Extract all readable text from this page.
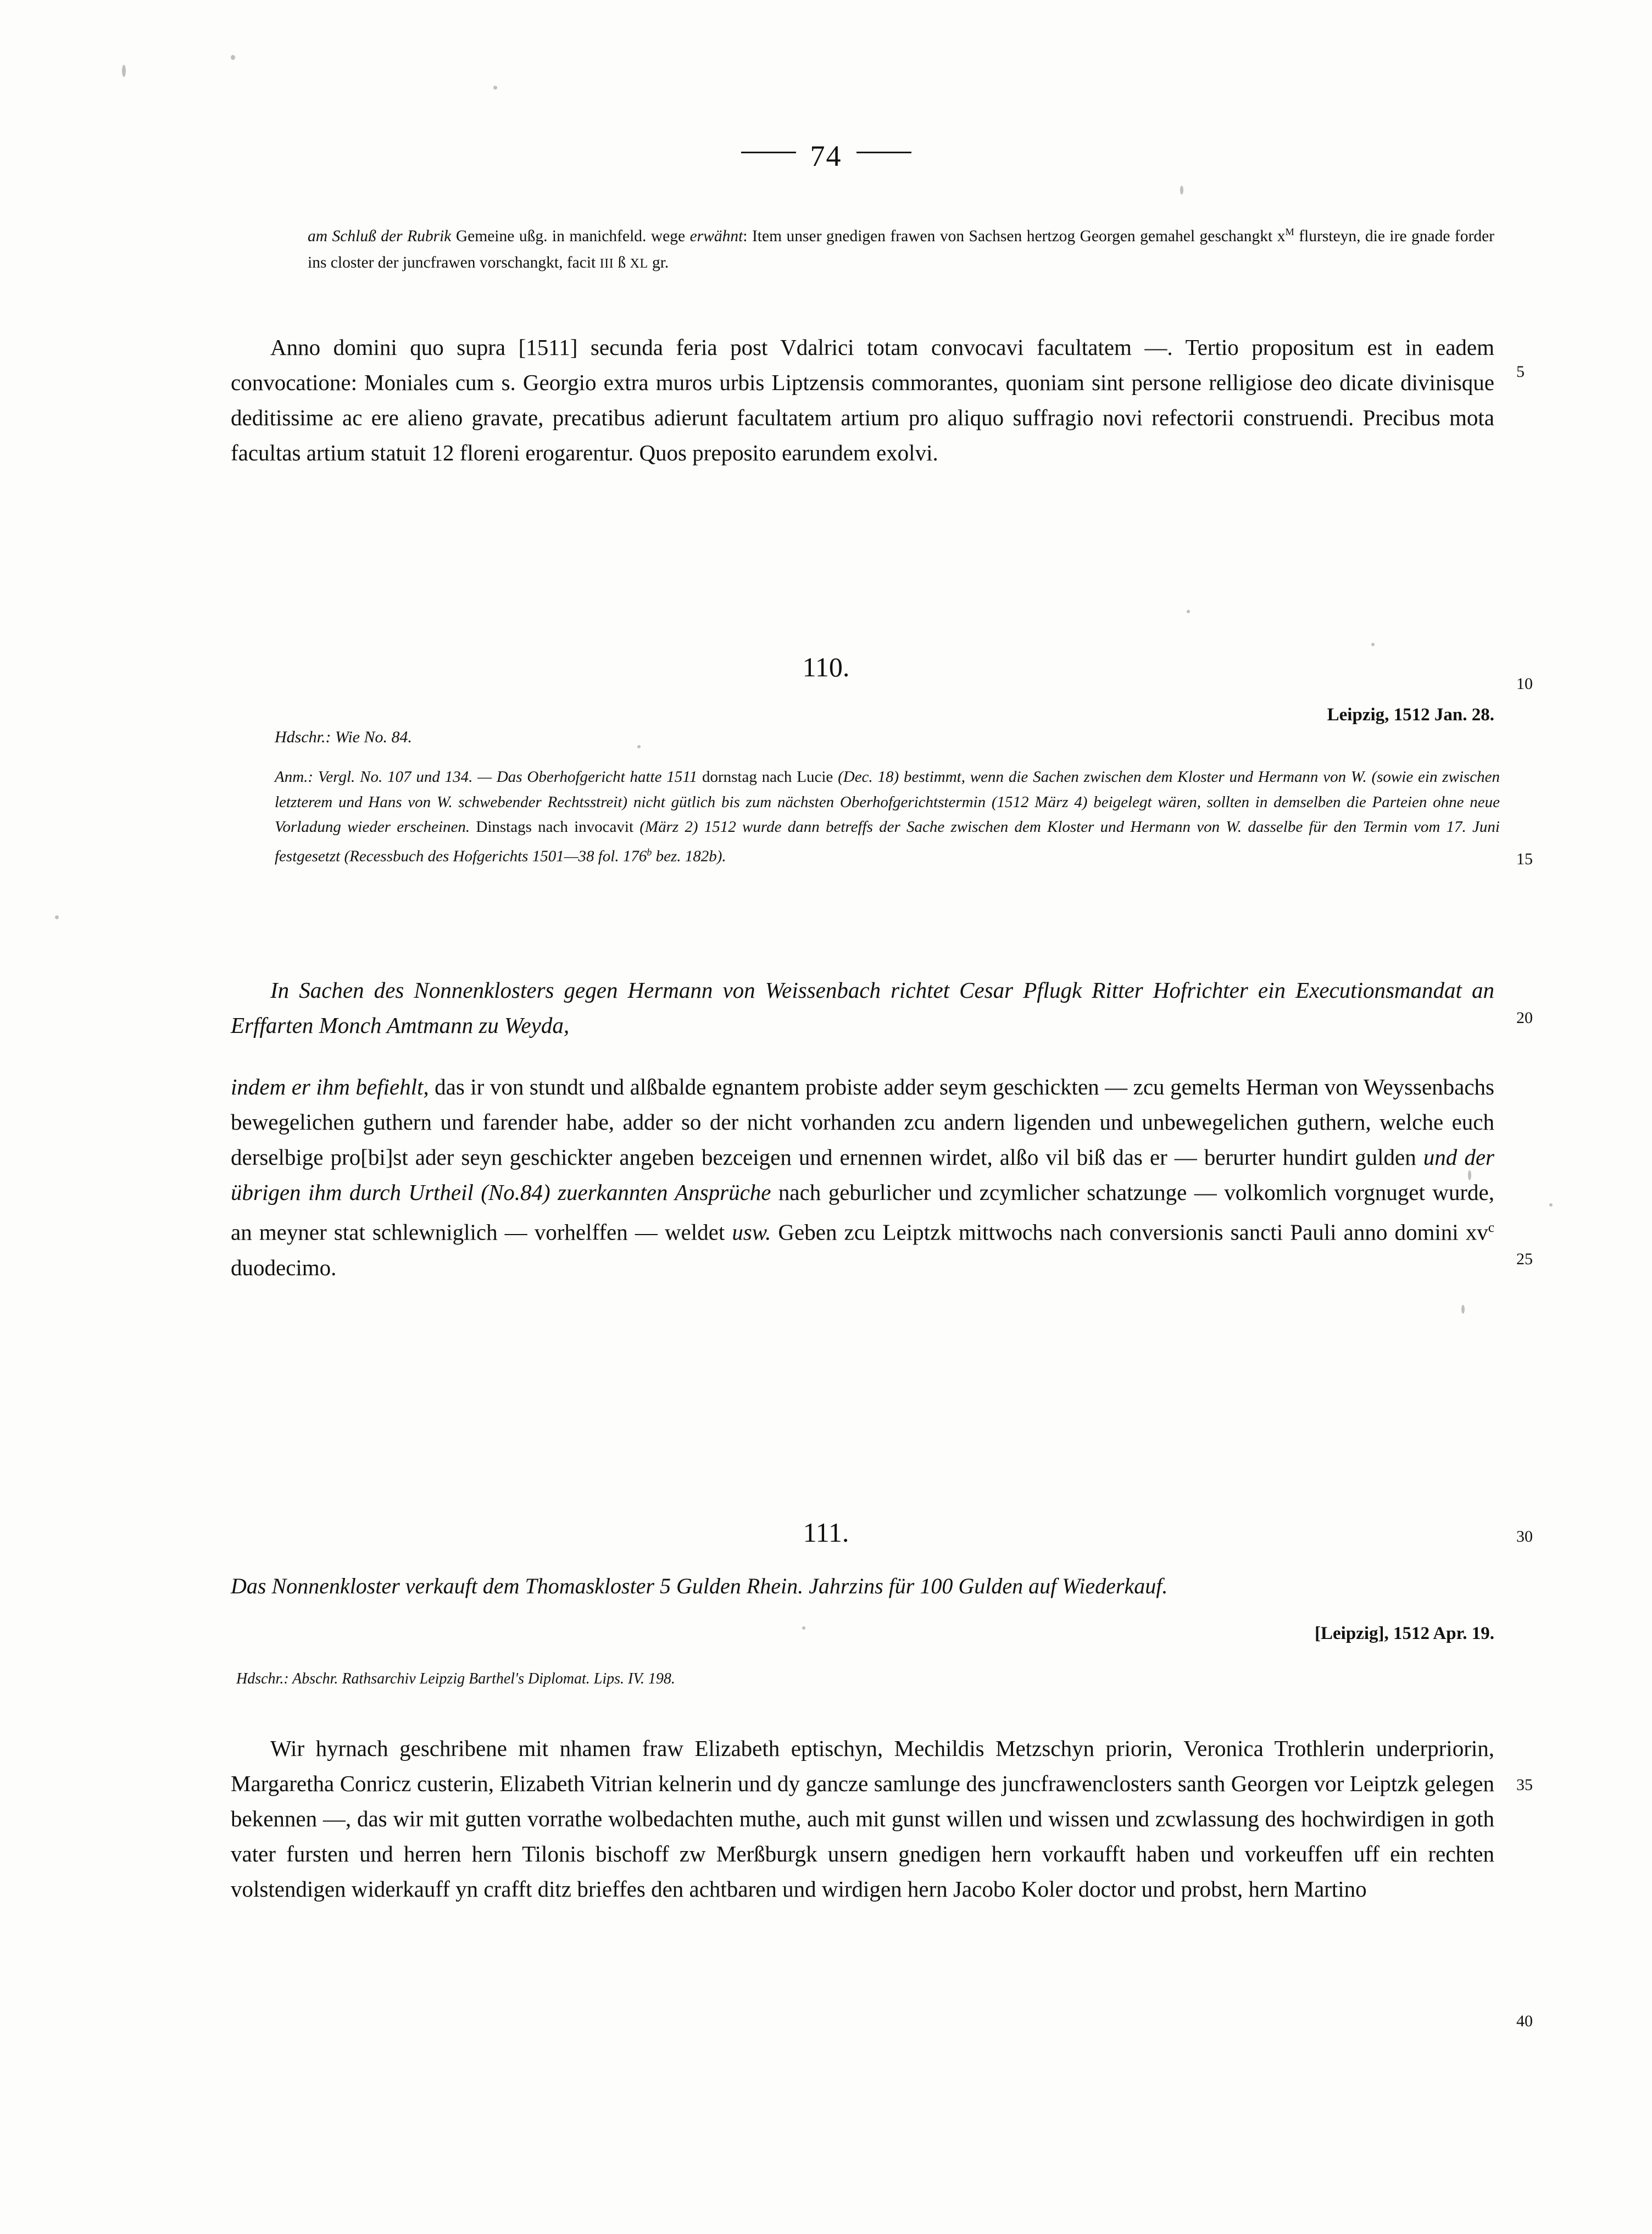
74
am Schluß der Rubrik Gemeine ußg. in manichfeld. wege erwähnt: Item unser gnedigen frawen von Sachsen hertzog Georgen gemahel geschangkt $x^M$ flursteyn, die ire gnade forder ins closter der juncfrawen vorschangkt, facit III ß XL gr.
Anno domini quo supra [1511] secunda feria post Vdalrici totam convocavi facultatem —. Tertio propositum est in eadem convocatione: Moniales cum s. Georgio extra muros urbis Liptzensis commorantes, quoniam sint persone relligiose deo dicate divinisque deditissime ac ere alieno gravate, precatibus adierunt facultatem artium pro aliquo suffragio novi refectorii construendi. Precibus mota facultas artium statuit 12 floreni erogarentur. Quos preposito earundem exolvi.
110.
Leipzig, 1512 Jan. 28.
Hdschr.: Wie No. 84.
Anm.: Vergl. No. 107 und 134. — Das Oberhofgericht hatte 1511 dornstag nach Lucie (Dec. 18) bestimmt, wenn die Sachen zwischen dem Kloster und Hermann von W. (sowie ein zwischen letzterem und Hans von W. schwebender Rechtsstreit) nicht gütlich bis zum nächsten Oberhofgerichtstermin (1512 März 4) beigelegt wären, sollten in demselben die Parteien ohne neue Vorladung wieder erscheinen. Dinstags nach invocavit (März 2) 1512 wurde dann betreffs der Sache zwischen dem Kloster und Hermann von W. dasselbe für den Termin vom 17. Juni festgesetzt (Recessbuch des Hofgerichts 1501—38 fol. 176$^b$ bez. 182b).
In Sachen des Nonnenklosters gegen Hermann von Weissenbach richtet Cesar Pflugk Ritter Hofrichter ein Executionsmandat an Erffarten Monch Amtmann zu Weyda,
indem er ihm befiehlt, das ir von stundt und alßbalde egnantem probiste adder seym geschickten — zcu gemelts Herman von Weyssenbachs bewegelichen guthern und farender habe, adder so der nicht vorhanden zcu andern ligenden und unbewegelichen guthern, welche euch derselbige pro[bi]st ader seyn geschickter angeben bezceigen und ernennen wirdet, alßo vil biß das er — berurter hundirt gulden und der übrigen ihm durch Urtheil (No.84) zuerkannten Ansprüche nach geburlicher und zcymlicher schatzunge — volkomlich vorgnuget wurde, an meyner stat schlewniglich — vorhelffen — weldet usw. Geben zcu Leiptzk mittwochs nach conversionis sancti Pauli anno domini $xv^c$ duodecimo.
111.
Das Nonnenkloster verkauft dem Thomaskloster 5 Gulden Rhein. Jahrzins für 100 Gulden auf Wiederkauf.
[Leipzig], 1512 Apr. 19.
Hdschr.: Abschr. Rathsarchiv Leipzig Barthel's Diplomat. Lips. IV. 198.
Wir hyrnach geschribene mit nhamen fraw Elizabeth eptischyn, Mechildis Metzschyn priorin, Veronica Trothlerin underpriorin, Margaretha Conricz custerin, Elizabeth Vitrian kelnerin und dy gancze samlunge des juncfrawenclosters santh Georgen vor Leiptzk gelegen bekennen —, das wir mit gutten vorrathe wolbedachten muthe, auch mit gunst willen und wissen und zcwlassung des hochwirdigen in goth vater fursten und herren hern Tilonis bischoff zw Merßburgk unsern gnedigen hern vorkaufft haben und vorkeuffen uff ein rechten volstendigen widerkauff yn crafft ditz brieffes den achtbaren und wirdigen hern Jacobo Koler doctor und probst, hern Martino
5
10
15
20
25
30
35
40
